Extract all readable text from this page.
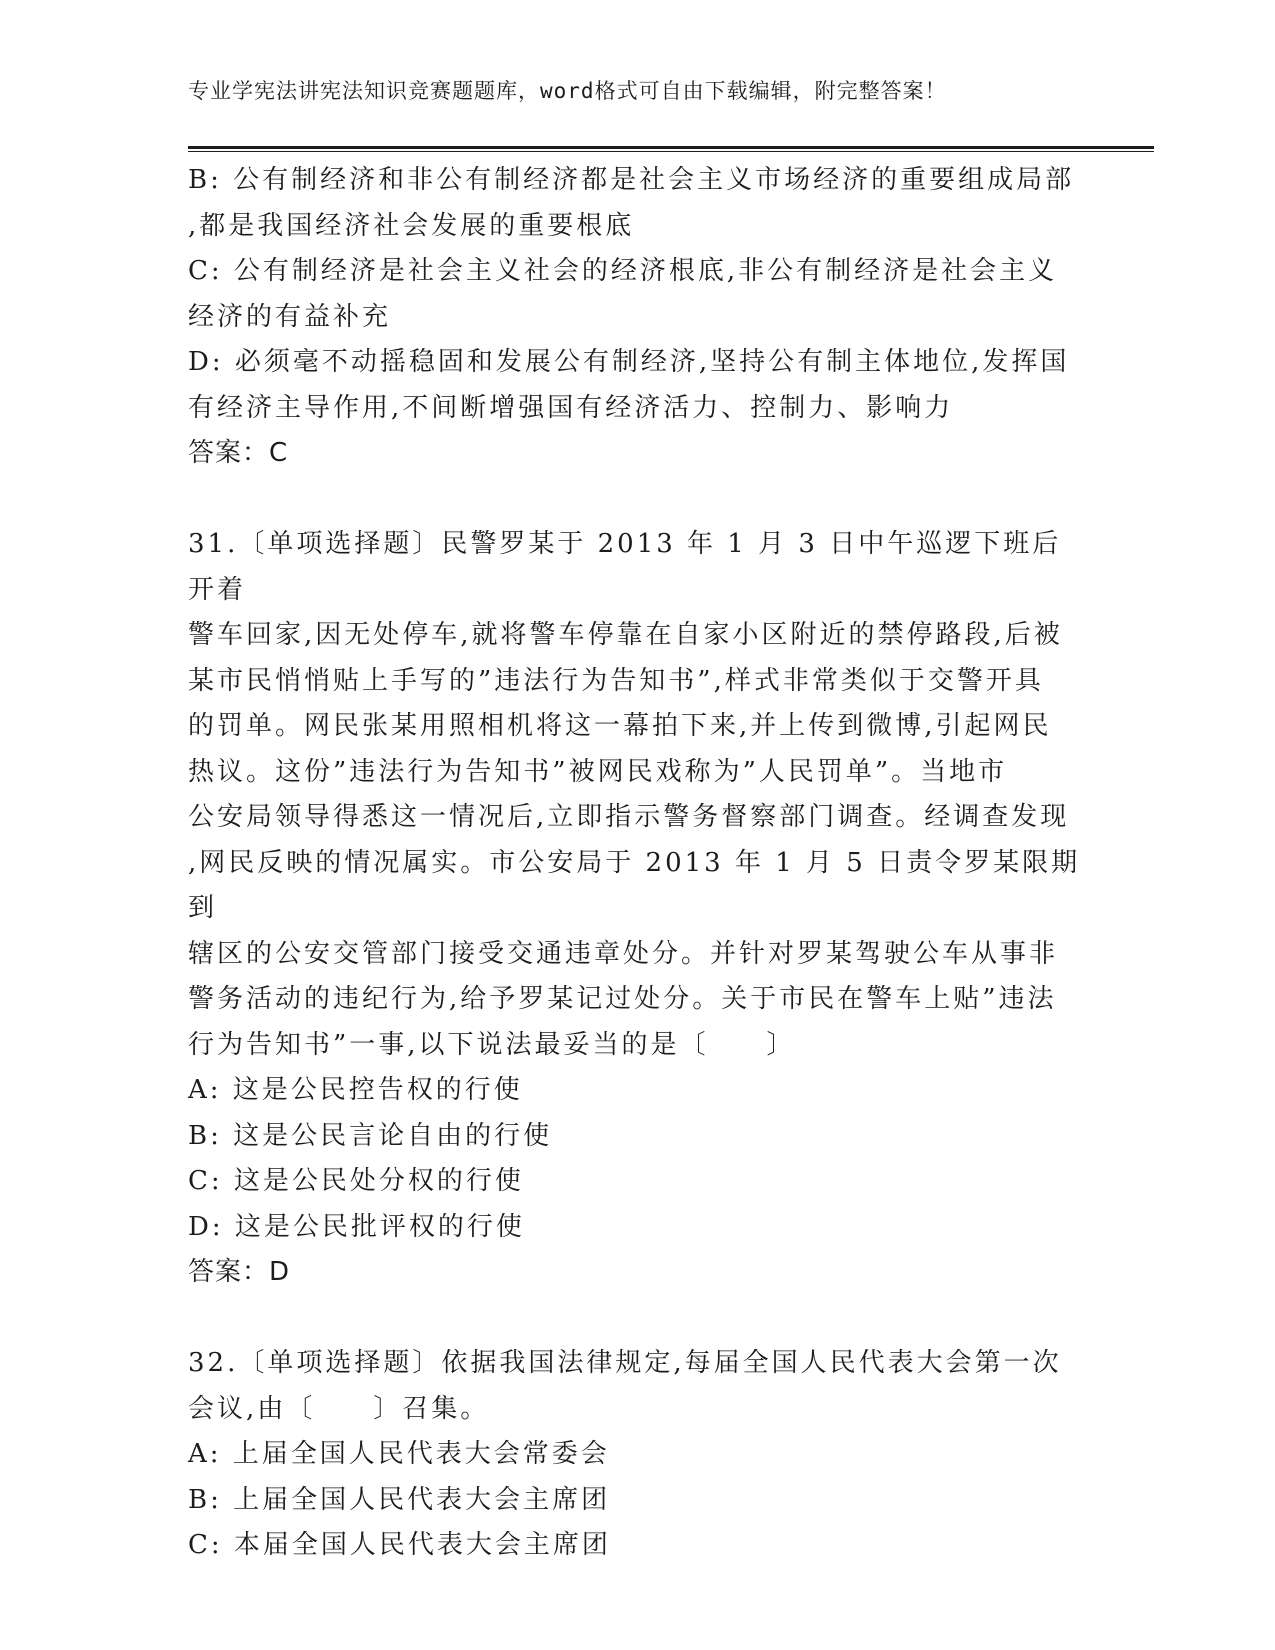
专业学宪法讲宪法知识竞赛题题库，word格式可自由下载编辑，附完整答案！

B: 公有制经济和非公有制经济都是社会主义市场经济的重要组成局部

,都是我国经济社会发展的重要根底

C: 公有制经济是社会主义社会的经济根底,非公有制经济是社会主义

经济的有益补充

D: 必须毫不动摇稳固和发展公有制经济,坚持公有制主体地位,发挥国

有经济主导作用,不间断增强国有经济活力、控制力、影响力

答案：C

31.〔单项选择题〕民警罗某于 2013 年 1 月 3 日中午巡逻下班后开着

警车回家,因无处停车,就将警车停靠在自家小区附近的禁停路段,后被

某市民悄悄贴上手写的”违法行为告知书”,样式非常类似于交警开具

的罚单。网民张某用照相机将这一幕拍下来,并上传到微博,引起网民

热议。这份”违法行为告知书”被网民戏称为”人民罚单”。当地市

公安局领导得悉这一情况后,立即指示警务督察部门调查。经调查发现

,网民反映的情况属实。市公安局于 2013 年 1 月 5 日责令罗某限期到

辖区的公安交管部门接受交通违章处分。并针对罗某驾驶公车从事非

警务活动的违纪行为,给予罗某记过处分。关于市民在警车上贴”违法

行为告知书”一事,以下说法最妥当的是〔　　〕

A: 这是公民控告权的行使

B: 这是公民言论自由的行使

C: 这是公民处分权的行使

D: 这是公民批评权的行使

答案：D

32.〔单项选择题〕依据我国法律规定,每届全国人民代表大会第一次

会议,由〔　　〕召集。

A: 上届全国人民代表大会常委会

B: 上届全国人民代表大会主席团

C: 本届全国人民代表大会主席团
